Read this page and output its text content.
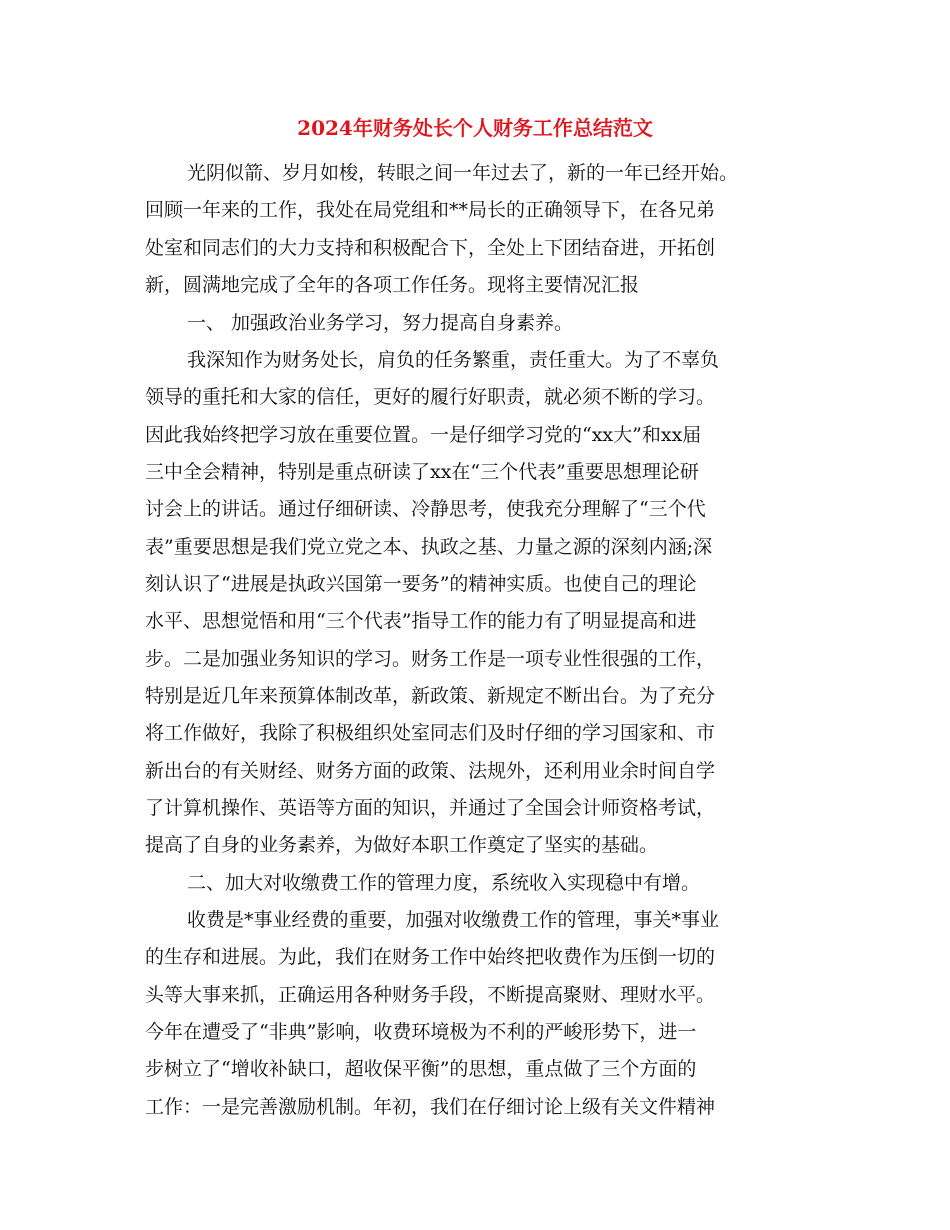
2024年财务处长个人财务工作总结范文
光阴似箭、岁月如梭，转眼之间一年过去了，新的一年已经开始。
回顾一年来的工作，我处在局党组和**局长的正确领导下，在各兄弟
处室和同志们的大力支持和积极配合下，全处上下团结奋进，开拓创
新，圆满地完成了全年的各项工作任务。现将主要情况汇报
一、 加强政治业务学习，努力提高自身素养。
我深知作为财务处长，肩负的任务繁重，责任重大。为了不辜负
领导的重托和大家的信任，更好的履行好职责，就必须不断的学习。
因此我始终把学习放在重要位置。一是仔细学习党的“xx大”和xx届
三中全会精神，特别是重点研读了xx在“三个代表”重要思想理论研
讨会上的讲话。通过仔细研读、冷静思考，使我充分理解了“三个代
表”重要思想是我们党立党之本、执政之基、力量之源的深刻内涵;深
刻认识了“进展是执政兴国第一要务”的精神实质。也使自己的理论
水平、思想觉悟和用“三个代表”指导工作的能力有了明显提高和进
步。二是加强业务知识的学习。财务工作是一项专业性很强的工作，
特别是近几年来预算体制改革，新政策、新规定不断出台。为了充分
将工作做好，我除了积极组织处室同志们及时仔细的学习国家和、市
新出台的有关财经、财务方面的政策、法规外，还利用业余时间自学
了计算机操作、英语等方面的知识，并通过了全国会计师资格考试，
提高了自身的业务素养，为做好本职工作奠定了坚实的基础。
二、加大对收缴费工作的管理力度，系统收入实现稳中有增。
收费是*事业经费的重要，加强对收缴费工作的管理，事关*事业
的生存和进展。为此，我们在财务工作中始终把收费作为压倒一切的
头等大事来抓，正确运用各种财务手段，不断提高聚财、理财水平。
今年在遭受了“非典”影响，收费环境极为不利的严峻形势下，进一
步树立了“增收补缺口，超收保平衡”的思想，重点做了三个方面的
工作：一是完善激励机制。年初，我们在仔细讨论上级有关文件精神
